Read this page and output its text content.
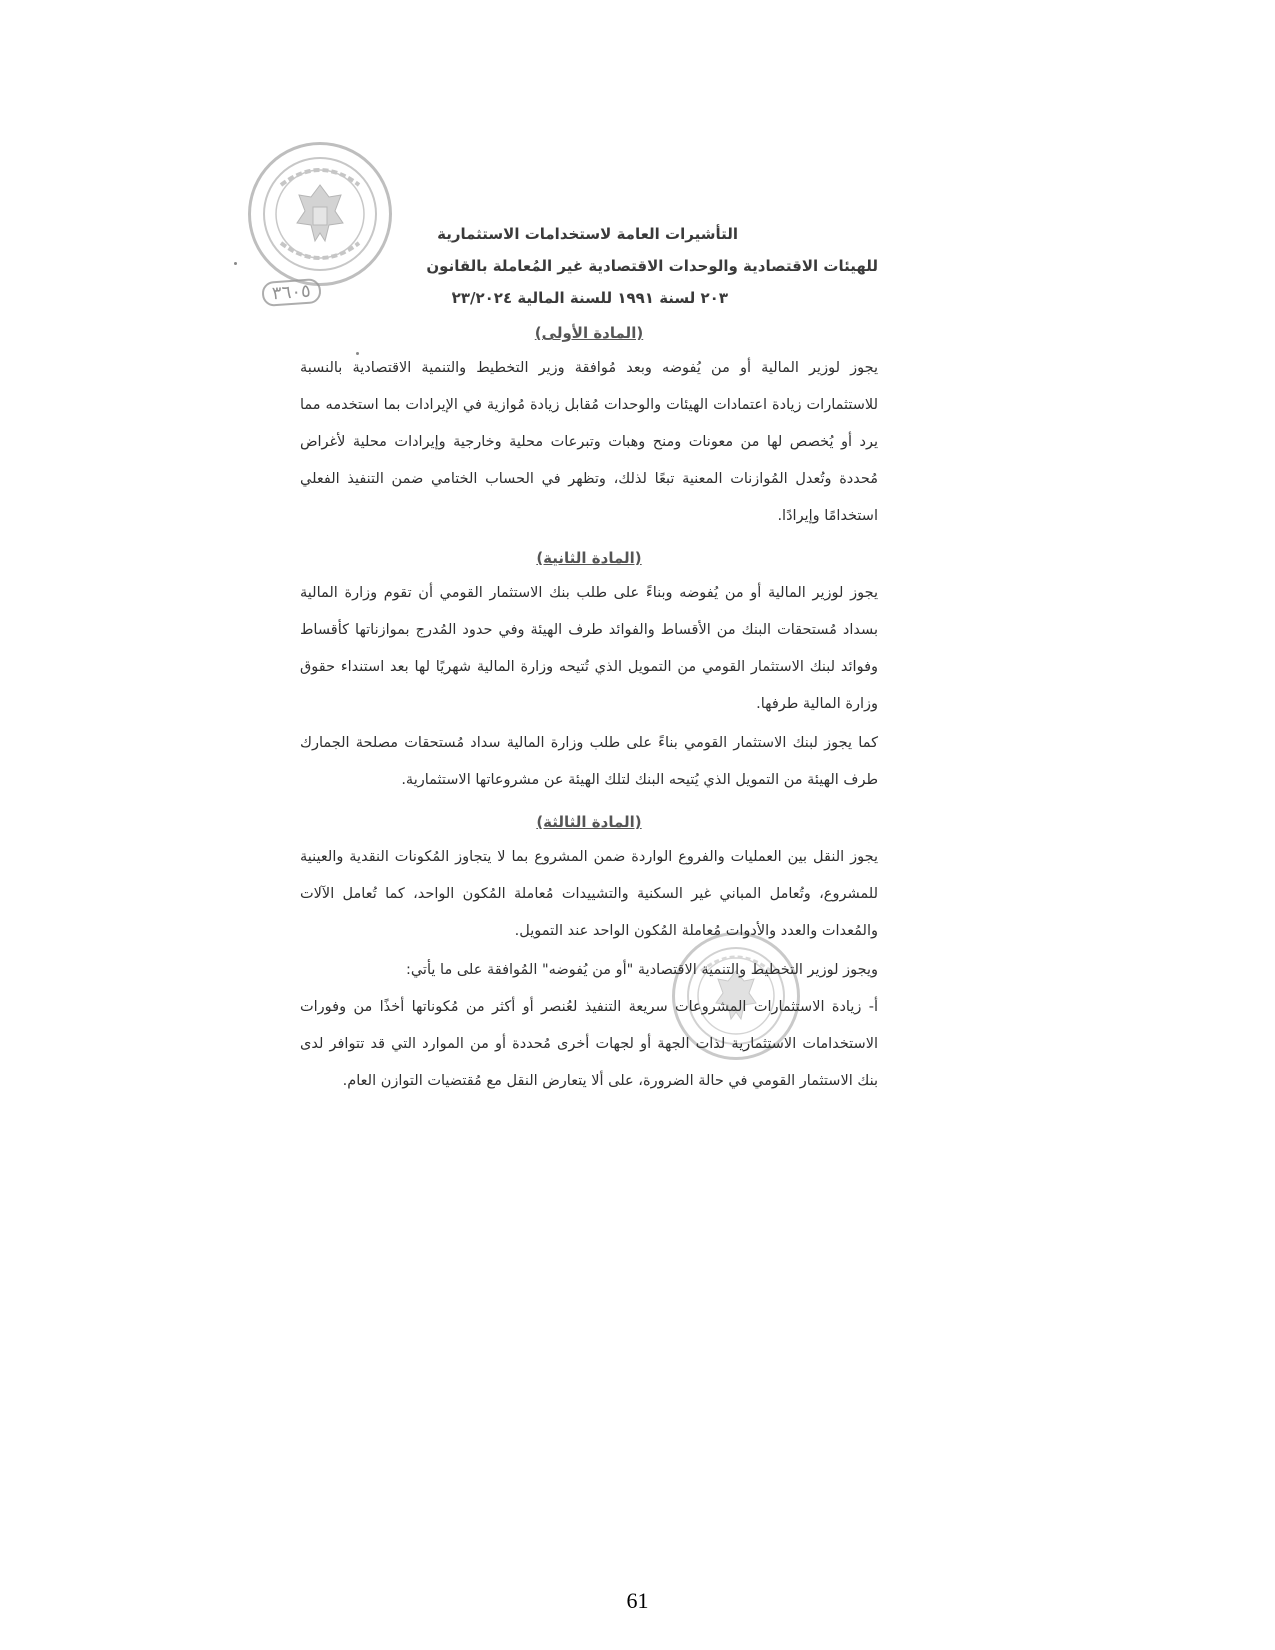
٣٦٠٥

التأشيرات العامة لاستخدامات الاستثمارية

للهيئات الاقتصادية والوحدات الاقتصادية غير المُعاملة بالقانون

٢٠٣ لسنة ١٩٩١ للسنة المالية ٢٣/٢٠٢٤

(المادة الأولى)

يجوز لوزير المالية أو من يُفوضه وبعد مُوافقة وزير التخطيط والتنمية الاقتصادية بالنسبة للاستثمارات زيادة اعتمادات الهيئات والوحدات مُقابل زيادة مُوازية في الإيرادات بما استخدمه مما يرد أو يُخصص لها من معونات ومنح وهبات وتبرعات محلية وخارجية وإيرادات محلية لأغراض مُحددة وتُعدل المُوازنات المعنية تبعًا لذلك، وتظهر في الحساب الختامي ضمن التنفيذ الفعلي استخدامًا وإيرادًا.

(المادة الثانية)

يجوز لوزير المالية أو من يُفوضه وبناءً على طلب بنك الاستثمار القومي أن تقوم وزارة المالية بسداد مُستحقات البنك من الأقساط والفوائد طرف الهيئة وفي حدود المُدرج بموازناتها كأقساط وفوائد لبنك الاستثمار القومي من التمويل الذي تُتيحه وزارة المالية شهريًا لها بعد استنداء حقوق وزارة المالية طرفها.

كما يجوز لبنك الاستثمار القومي بناءً على طلب وزارة المالية سداد مُستحقات مصلحة الجمارك طرف الهيئة من التمويل الذي يُتيحه البنك لتلك الهيئة عن مشروعاتها الاستثمارية.

(المادة الثالثة)

يجوز النقل بين العمليات والفروع الواردة ضمن المشروع بما لا يتجاوز المُكونات النقدية والعينية للمشروع، وتُعامل المباني غير السكنية والتشييدات مُعاملة المُكون الواحد، كما تُعامل الآلات والمُعدات والعدد والأدوات مُعاملة المُكون الواحد عند التمويل.

ويجوز لوزير التخطيط والتنمية الاقتصادية "أو من يُفوضه" المُوافقة على ما يأتي:

أ- زيادة الاستثمارات المشروعات سريعة التنفيذ لعُنصر أو أكثر من مُكوناتها أخذًا من وفورات الاستخدامات الاستثمارية لذات الجهة أو لجهات أخرى مُحددة أو من الموارد التي قد تتوافر لدى بنك الاستثمار القومي في حالة الضرورة، على ألا يتعارض النقل مع مُقتضيات التوازن العام.
61
